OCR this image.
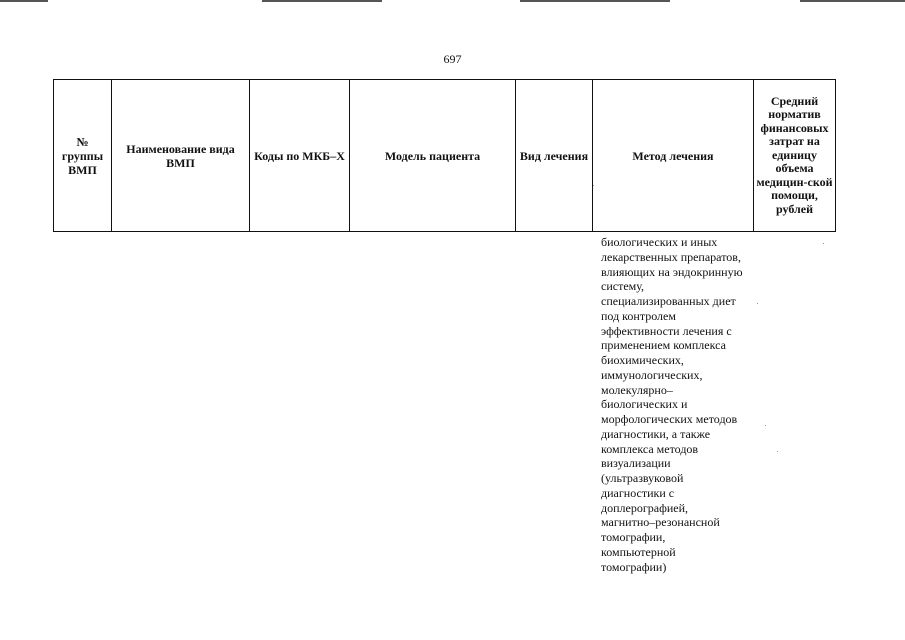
697
№ группы ВМП	Наименование вида ВМП	Коды по МКБ–Х	Модель пациента	Вид лечения	Метод лечения	Средний норматив финансовых затрат на единицу объема медицин-ской помощи, рублей
биологических и иных
лекарственных препаратов,
влияющих на эндокринную
систему,
специализированных диет
под контролем
эффективности лечения с
применением комплекса
биохимических,
иммунологических,
молекулярно–
биологических и
морфологических методов
диагностики, а также
комплекса методов
визуализации
(ультразвуковой
диагностики с
доплерографией,
магнитно–резонансной
томографии,
компьютерной
томографии)
